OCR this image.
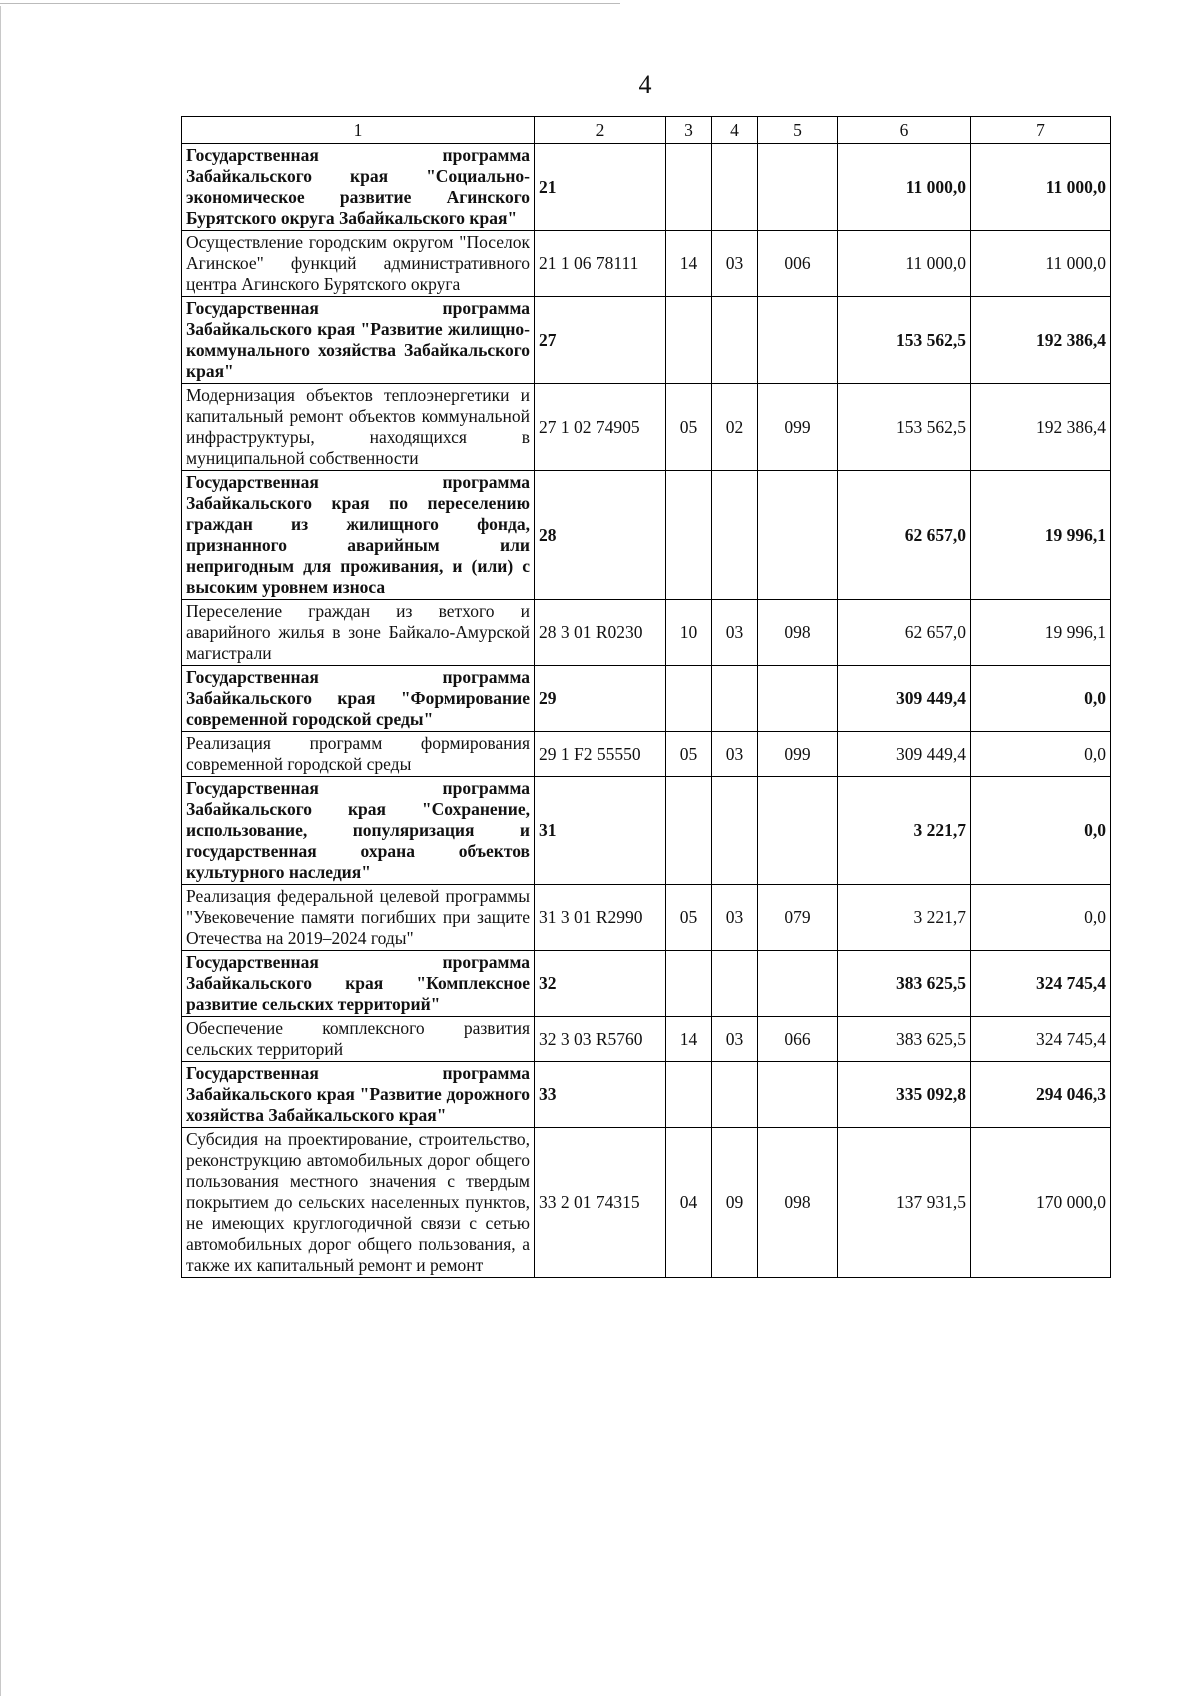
4
1	2	3	4	5	6	7
Государственная программа Забайкальского края "Социально-экономическое развитие Агинского Бурятского округа Забайкальского края"	21				11 000,0	11 000,0
Осуществление городским округом "Поселок Агинское" функций административного центра Агинского Бурятского округа	21 1 06 78111	14	03	006	11 000,0	11 000,0
Государственная программа Забайкальского края "Развитие жилищно-коммунального хозяйства Забайкальского края"	27				153 562,5	192 386,4
Модернизация объектов теплоэнергетики и капитальный ремонт объектов коммунальной инфраструктуры, находящихся в муниципальной собственности	27 1 02 74905	05	02	099	153 562,5	192 386,4
Государственная программа Забайкальского края по переселению граждан из жилищного фонда, признанного аварийным или непригодным для проживания, и (или) с высоким уровнем износа	28				62 657,0	19 996,1
Переселение граждан из ветхого и аварийного жилья в зоне Байкало-Амурской магистрали	28 3 01 R0230	10	03	098	62 657,0	19 996,1
Государственная программа Забайкальского края "Формирование современной городской среды"	29				309 449,4	0,0
Реализация программ формирования современной городской среды	29 1 F2 55550	05	03	099	309 449,4	0,0
Государственная программа Забайкальского края "Сохранение, использование, популяризация и государственная охрана объектов культурного наследия"	31				3 221,7	0,0
Реализация федеральной целевой программы "Увековечение памяти погибших при защите Отечества на 2019–2024 годы"	31 3 01 R2990	05	03	079	3 221,7	0,0
Государственная программа Забайкальского края "Комплексное развитие сельских территорий"	32				383 625,5	324 745,4
Обеспечение комплексного развития сельских территорий	32 3 03 R5760	14	03	066	383 625,5	324 745,4
Государственная программа Забайкальского края "Развитие дорожного хозяйства Забайкальского края"	33				335 092,8	294 046,3
Субсидия на проектирование, строительство, реконструкцию автомобильных дорог общего пользования местного значения с твердым покрытием до сельских населенных пунктов, не имеющих круглогодичной связи с сетью автомобильных дорог общего пользования, а также их капитальный ремонт и ремонт	33 2 01 74315	04	09	098	137 931,5	170 000,0
